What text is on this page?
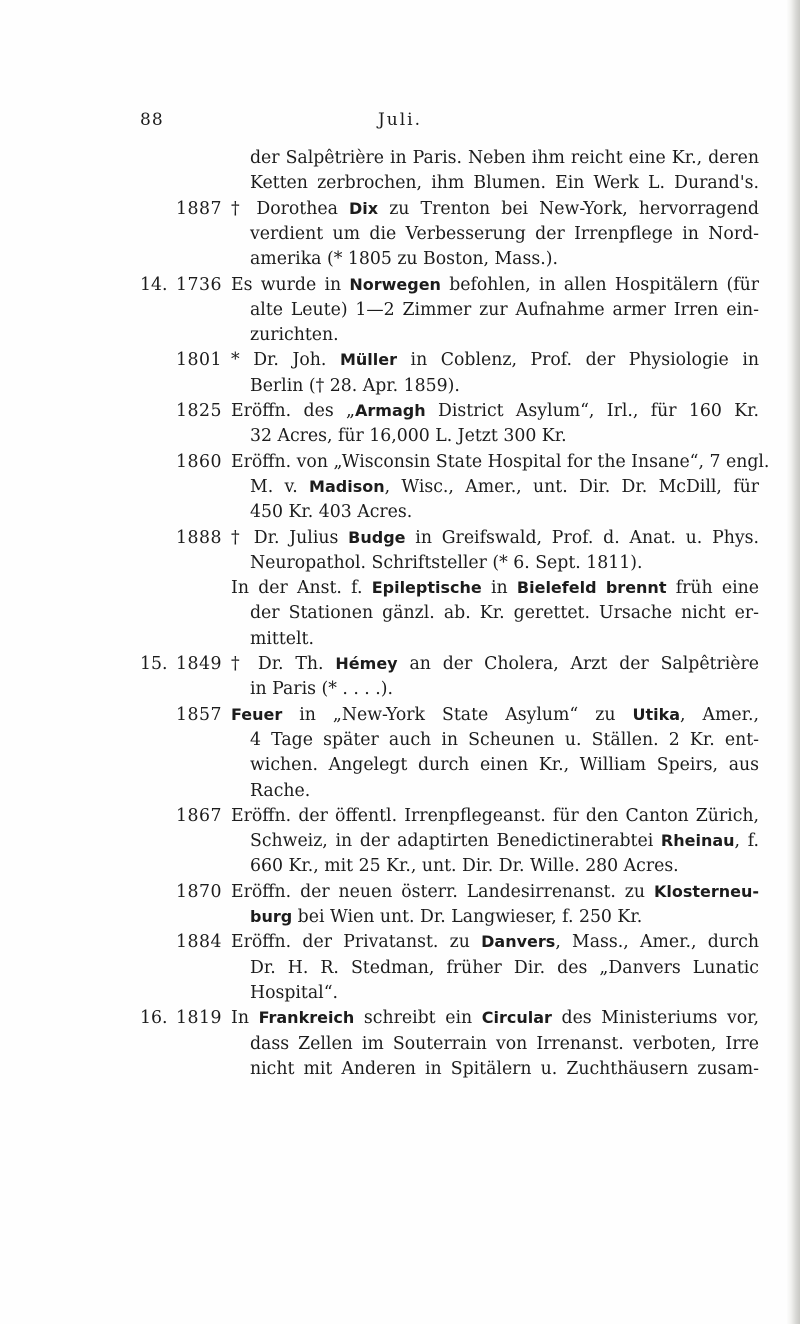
88	Juli.
der Salpêtrière in Paris. Neben ihm reicht eine Kr., deren
Ketten zerbrochen, ihm Blumen. Ein Werk L. Durand's.
1887 † Dorothea Dix zu Trenton bei New-York, hervorragend
verdient um die Verbesserung der Irrenpflege in Nord-
amerika (* 1805 zu Boston, Mass.).
14. 1736 Es wurde in Norwegen befohlen, in allen Hospitälern (für
alte Leute) 1—2 Zimmer zur Aufnahme armer Irren ein-
zurichten.
1801 * Dr. Joh. Müller in Coblenz, Prof. der Physiologie in
Berlin († 28. Apr. 1859).
1825 Eröffn. des „Armagh District Asylum“, Irl., für 160 Kr.
32 Acres, für 16,000 L. Jetzt 300 Kr.
1860 Eröffn. von „Wisconsin State Hospital for the Insane“, 7 engl.
M. v. Madison, Wisc., Amer., unt. Dir. Dr. McDill, für
450 Kr. 403 Acres.
1888 † Dr. Julius Budge in Greifswald, Prof. d. Anat. u. Phys.
Neuropathol. Schriftsteller (* 6. Sept. 1811).
In der Anst. f. Epileptische in Bielefeld brennt früh eine
der Stationen gänzl. ab. Kr. gerettet. Ursache nicht er-
mittelt.
15. 1849 † Dr. Th. Hémey an der Cholera, Arzt der Salpêtrière
in Paris (* . . . .).
1857 Feuer in „New-York State Asylum“ zu Utika, Amer.,
4 Tage später auch in Scheunen u. Ställen. 2 Kr. ent-
wichen. Angelegt durch einen Kr., William Speirs, aus
Rache.
1867 Eröffn. der öffentl. Irrenpflegeanst. für den Canton Zürich,
Schweiz, in der adaptirten Benedictinerabtei Rheinau, f.
660 Kr., mit 25 Kr., unt. Dir. Dr. Wille. 280 Acres.
1870 Eröffn. der neuen österr. Landesirrenanst. zu Klosterneu-
burg bei Wien unt. Dr. Langwieser, f. 250 Kr.
1884 Eröffn. der Privatanst. zu Danvers, Mass., Amer., durch
Dr. H. R. Stedman, früher Dir. des „Danvers Lunatic
Hospital“.
16. 1819 In Frankreich schreibt ein Circular des Ministeriums vor,
dass Zellen im Souterrain von Irrenanst. verboten, Irre
nicht mit Anderen in Spitälern u. Zuchthäusern zusam-
